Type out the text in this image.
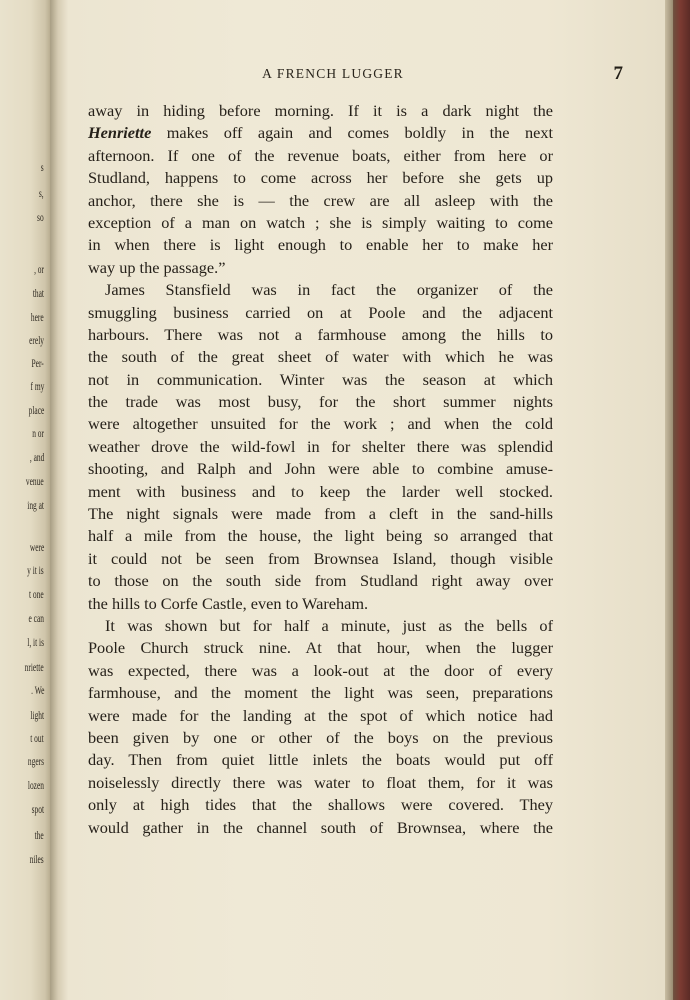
s
s,
so
, or
that
here
erely
Per-
f my
place
n or
, and
venue
ing at
were
y it is
t one
e can
l, it is
nriette
. We
light
t out
ngers
lozen
spot
the
niles
A FRENCH LUGGER	7
away in hiding before morning. If it is a dark night the
Henriette makes off again and comes boldly in the next
afternoon. If one of the revenue boats, either from here or
Studland, happens to come across her before she gets up
anchor, there she is — the crew are all asleep with the
exception of a man on watch ; she is simply waiting to come
in when there is light enough to enable her to make her
way up the passage.”
James Stansfield was in fact the organizer of the
smuggling business carried on at Poole and the adjacent
harbours. There was not a farmhouse among the hills to
the south of the great sheet of water with which he was
not in communication. Winter was the season at which
the trade was most busy, for the short summer nights
were altogether unsuited for the work ; and when the cold
weather drove the wild-fowl in for shelter there was splendid
shooting, and Ralph and John were able to combine amuse-
ment with business and to keep the larder well stocked.
The night signals were made from a cleft in the sand-hills
half a mile from the house, the light being so arranged that
it could not be seen from Brownsea Island, though visible
to those on the south side from Studland right away over
the hills to Corfe Castle, even to Wareham.
It was shown but for half a minute, just as the bells of
Poole Church struck nine. At that hour, when the lugger
was expected, there was a look-out at the door of every
farmhouse, and the moment the light was seen, preparations
were made for the landing at the spot of which notice had
been given by one or other of the boys on the previous
day. Then from quiet little inlets the boats would put off
noiselessly directly there was water to float them, for it was
only at high tides that the shallows were covered. They
would gather in the channel south of Brownsea, where the
